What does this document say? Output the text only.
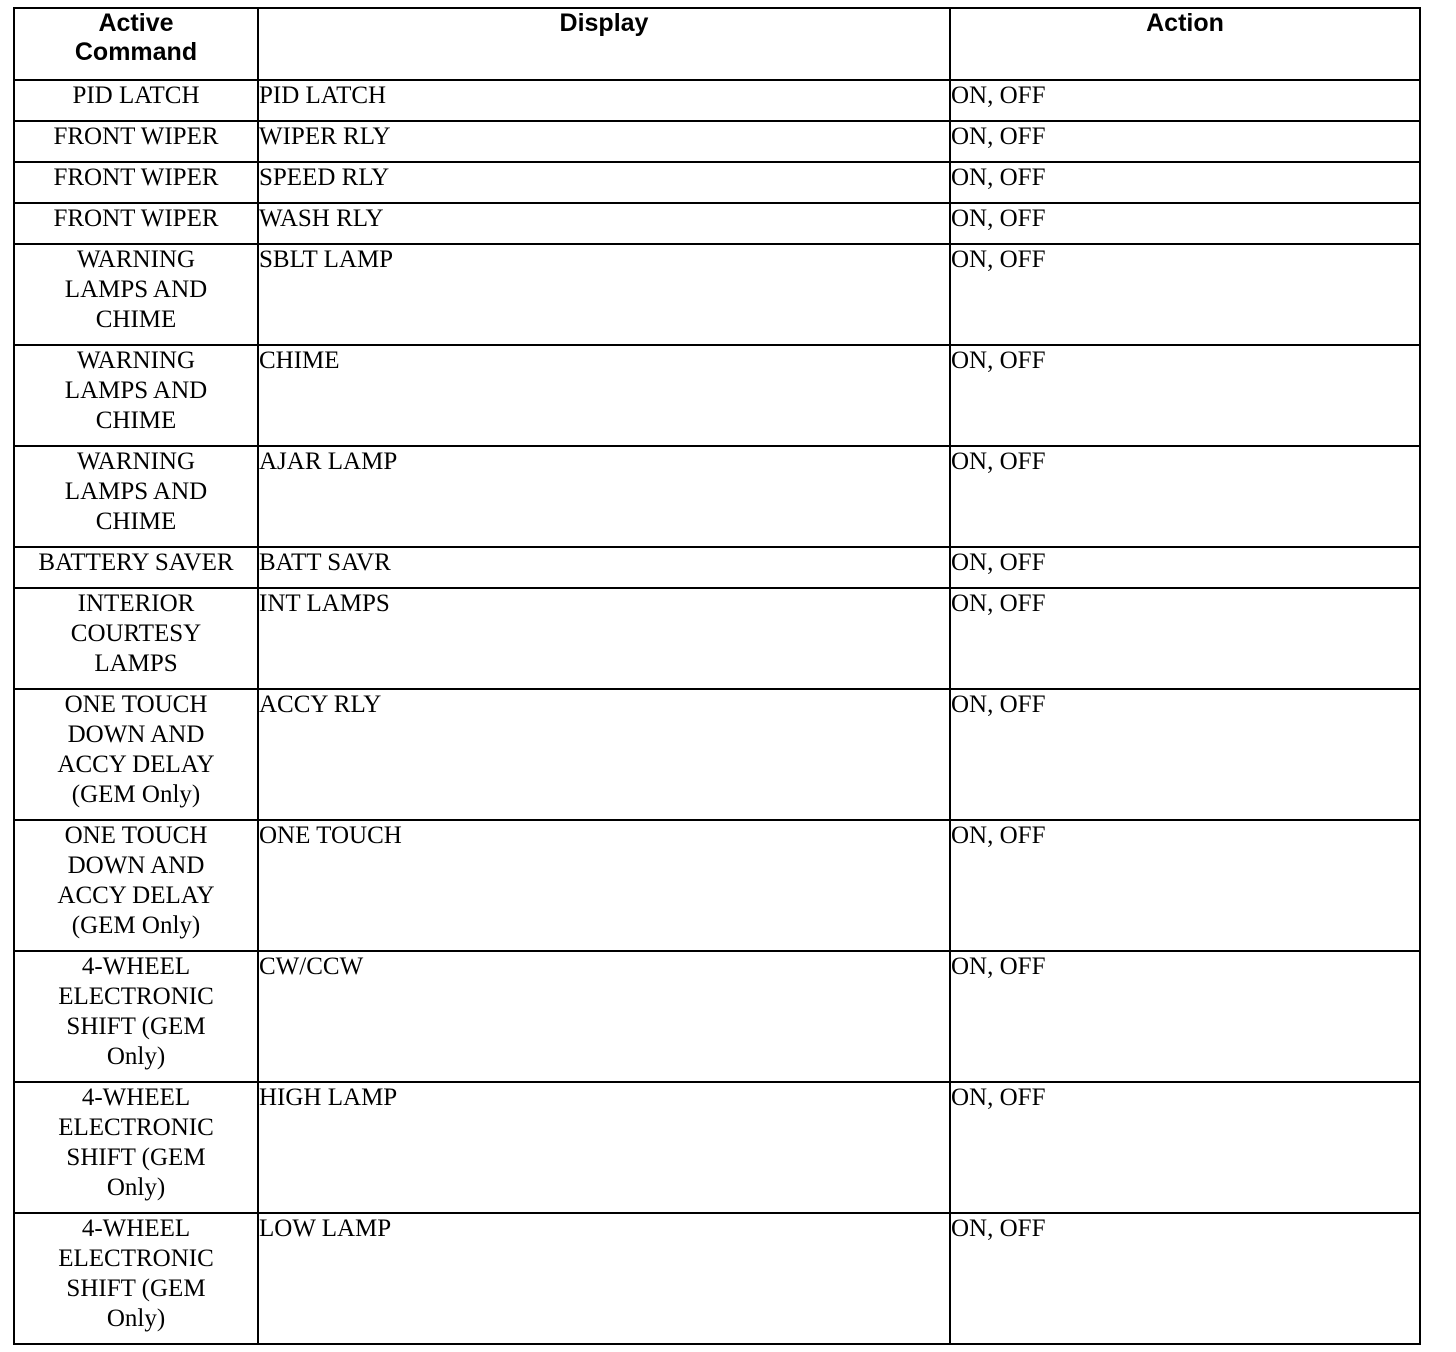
Active
Command	Display	Action
PID LATCH	PID LATCH	ON, OFF
FRONT WIPER	WIPER RLY	ON, OFF
FRONT WIPER	SPEED RLY	ON, OFF
FRONT WIPER	WASH RLY	ON, OFF
WARNING
LAMPS AND
CHIME	SBLT LAMP	ON, OFF
WARNING
LAMPS AND
CHIME	CHIME	ON, OFF
WARNING
LAMPS AND
CHIME	AJAR LAMP	ON, OFF
BATTERY SAVER	BATT SAVR	ON, OFF
INTERIOR
COURTESY
LAMPS	INT LAMPS	ON, OFF
ONE TOUCH
DOWN AND
ACCY DELAY
(GEM Only)	ACCY RLY	ON, OFF
ONE TOUCH
DOWN AND
ACCY DELAY
(GEM Only)	ONE TOUCH	ON, OFF
4-WHEEL
ELECTRONIC
SHIFT (GEM
Only)	CW/CCW	ON, OFF
4-WHEEL
ELECTRONIC
SHIFT (GEM
Only)	HIGH LAMP	ON, OFF
4-WHEEL
ELECTRONIC
SHIFT (GEM
Only)	LOW LAMP	ON, OFF
